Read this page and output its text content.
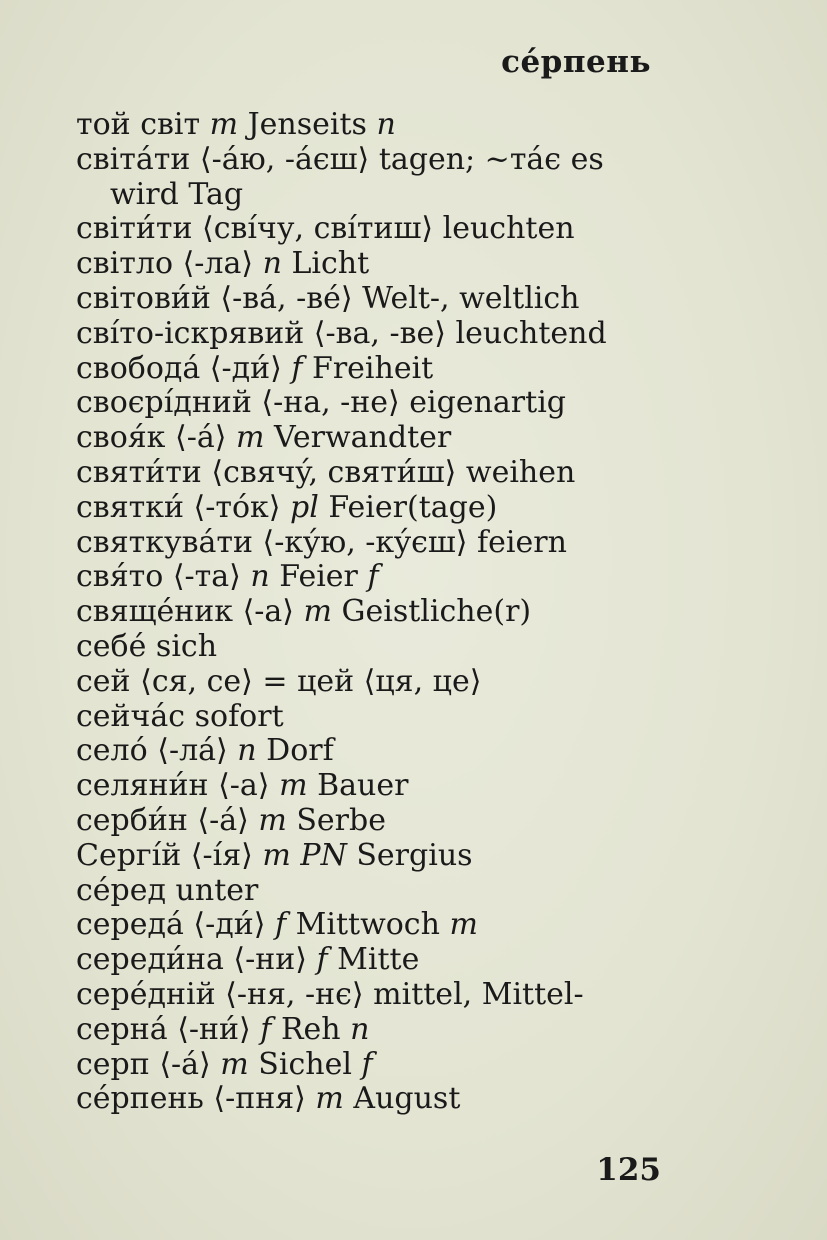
сéрпень
той світ m Jenseits n
світáти ⟨-áю, -áєш⟩ tagen; ~тáє es wird Tag
світи́ти ⟨свíчу, свíтиш⟩ leuchten
світло ⟨-ла⟩ n Licht
світови́й ⟨-вá, -вé⟩ Welt-, weltlich
свíто-іскрявий ⟨-ва, -ве⟩ leuchtend
свободá ⟨-ди́⟩ f Freiheit
своєрíдний ⟨-на, -не⟩ eigenartig
своя́к ⟨-á⟩ m Verwandter
святи́ти ⟨свячý, святи́ш⟩ weihen
святки́ ⟨-тóк⟩ pl Feier(tage)
святкувáти ⟨-кýю, -кýєш⟩ feiern
свя́то ⟨-та⟩ n Feier f
свящéник ⟨-а⟩ m Geistliche(r)
себé sich
сей ⟨ся, се⟩ = цей ⟨ця, це⟩
сейчáс sofort
селó ⟨-лá⟩ n Dorf
селяни́н ⟨-а⟩ m Bauer
серби́н ⟨-á⟩ m Serbe
Сергíй ⟨-íя⟩ m PN Sergius
сéред unter
середá ⟨-ди́⟩ f Mittwoch m
середи́на ⟨-ни⟩ f Mitte
серéдній ⟨-ня, -нє⟩ mittel, Mittel-
сернá ⟨-ни́⟩ f Reh n
серп ⟨-á⟩ m Sichel f
сéрпень ⟨-пня⟩ m August
125
